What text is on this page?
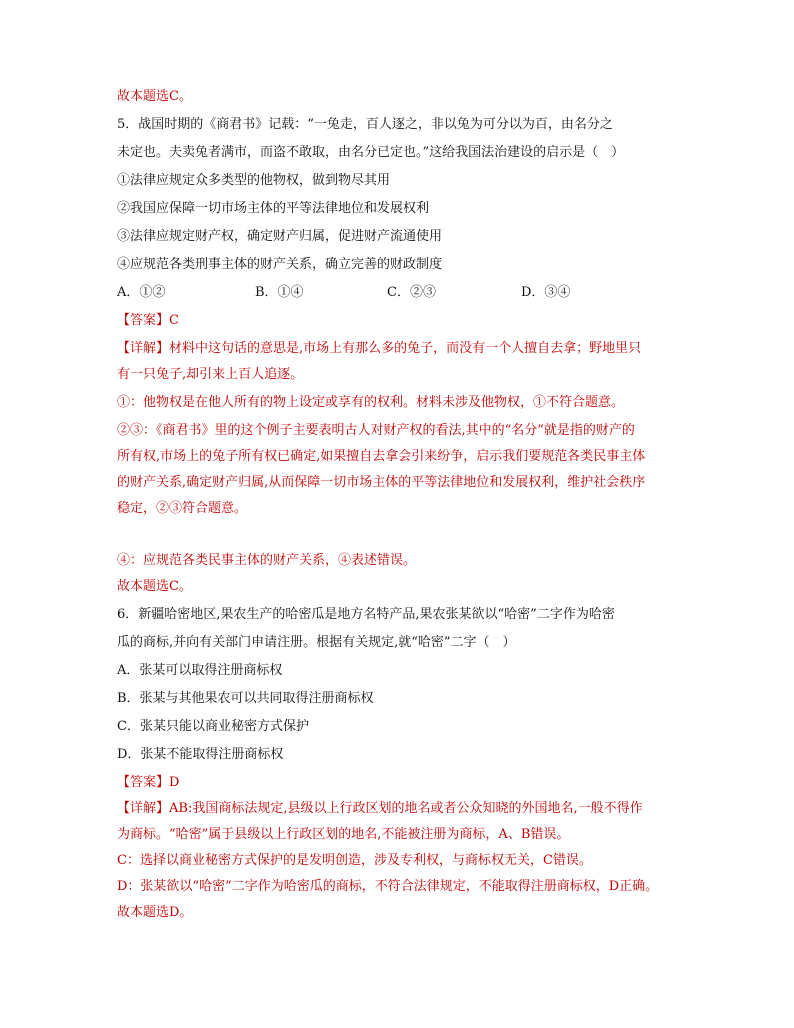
故本题选C。
5．战国时期的《商君书》记载：“一兔走，百人逐之，非以兔为可分以为百，由名分之
未定也。夫卖兔者满市，而盗不敢取，由名分已定也。”这给我国法治建设的启示是（　）
①法律应规定众多类型的他物权，做到物尽其用
②我国应保障一切市场主体的平等法律地位和发展权利
③法律应规定财产权，确定财产归属，促进财产流通使用
④应规范各类刑事主体的财产关系，确立完善的财政制度
A．①②	B．①④	C．②③	D．③④
【答案】C
【详解】材料中这句话的意思是,市场上有那么多的兔子，而没有一个人擅自去拿；野地里只
有一只兔子,却引来上百人追逐。
①：他物权是在他人所有的物上设定或享有的权利。材料未涉及他物权，①不符合题意。
②③：《商君书》里的这个例子主要表明古人对财产权的看法,其中的“名分”就是指的财产的
所有权,市场上的兔子所有权已确定,如果擅自去拿会引来纷争，启示我们要规范各类民事主体
的财产关系,确定财产归属,从而保障一切市场主体的平等法律地位和发展权利，维护社会秩序
稳定，②③符合题意。
④：应规范各类民事主体的财产关系，④表述错误。
故本题选C。
6．新疆哈密地区,果农生产的哈密瓜是地方名特产品,果农张某欲以“哈密”二字作为哈密
瓜的商标,并向有关部门申请注册。根据有关规定,就“哈密”二字（　）
A．张某可以取得注册商标权
B．张某与其他果农可以共同取得注册商标权
C．张某只能以商业秘密方式保护
D．张某不能取得注册商标权
【答案】D
【详解】AB:我国商标法规定,县级以上行政区划的地名或者公众知晓的外国地名,一般不得作
为商标。“哈密”属于县级以上行政区划的地名,不能被注册为商标，A、B错误。
C：选择以商业秘密方式保护的是发明创造，涉及专利权，与商标权无关，C错误。
D：张某欲以“哈密”二字作为哈密瓜的商标，不符合法律规定，不能取得注册商标权，D正确。
故本题选D。
